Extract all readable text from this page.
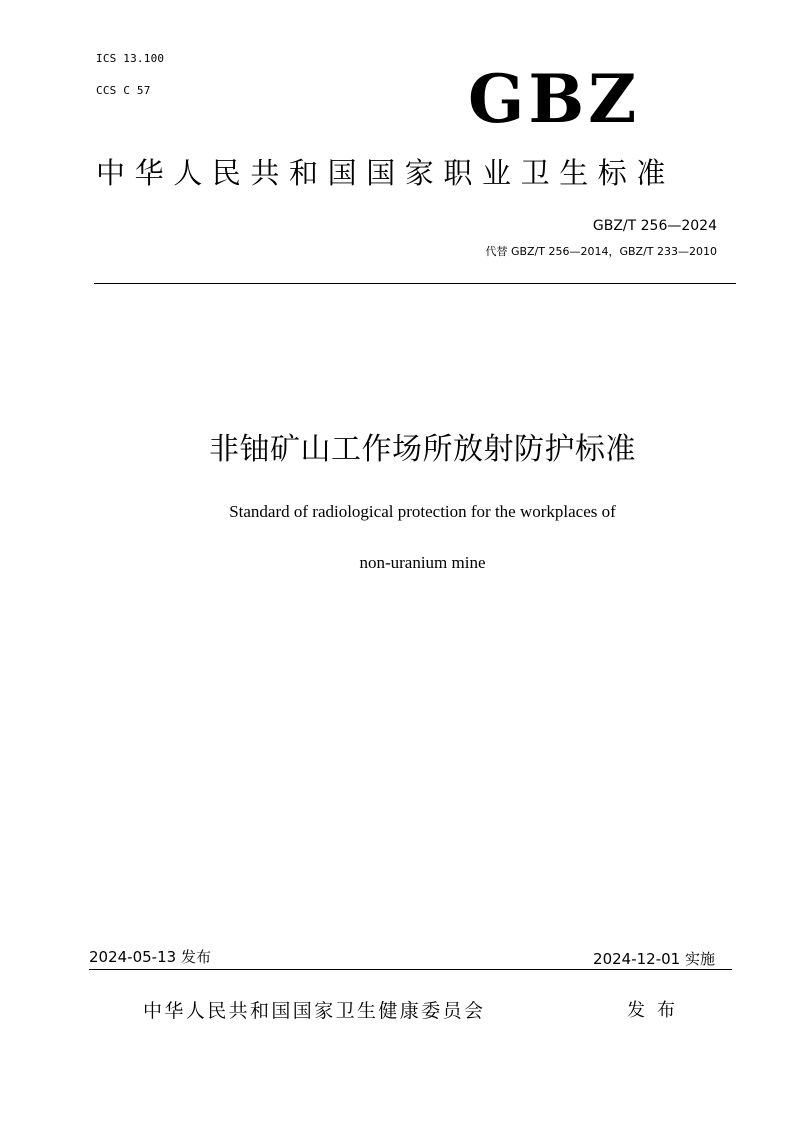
ICS 13.100
CCS C 57	GBZ
中华人民共和国国家职业卫生标准
GBZ/T 256—2024
代替 GBZ/T 256—2014，GBZ/T 233—2010
非铀矿山工作场所放射防护标准
Standard of radiological protection for the workplaces of
non-uranium mine
2024-05-13 发布	2024-12-01 实施
中华人民共和国国家卫生健康委员会	发布
